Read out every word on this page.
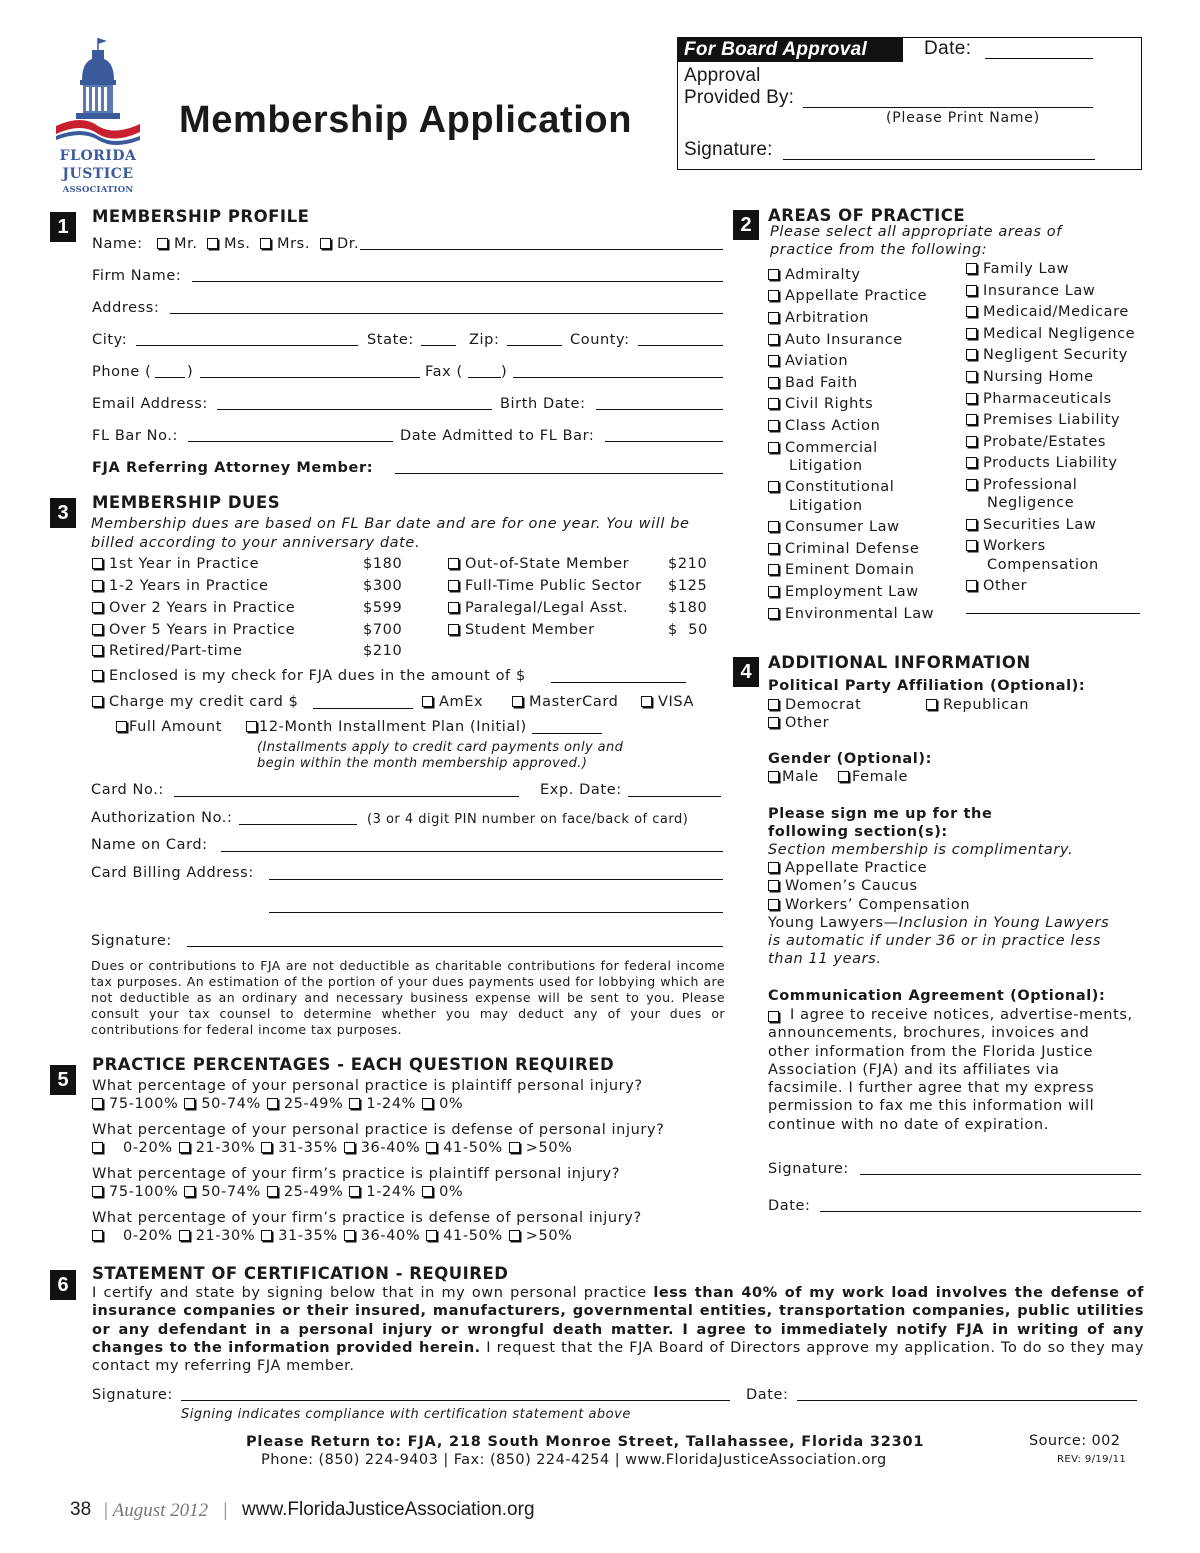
FLORIDA
JUSTICE
ASSOCIATION
Membership Application
For Board Approval	Date:
Approval
Provided By:
(Please Print Name)
Signature:
1	MEMBERSHIP PROFILE
Name:	Mr.	Ms.	Mrs.	Dr.
Firm Name:
Address:
City:	State:	Zip:	County:
Phone ( )	Fax (	)
Email Address:	Birth Date:
FL Bar No.:	Date Admitted to FL Bar:
FJA Referring Attorney Member:
3	MEMBERSHIP DUES
Membership dues are based on FL Bar date and are for one year. You will be billed according to your anniversary date.
1st Year in Practice	$180
1-2 Years in Practice	$300
Over 2 Years in Practice	$599
Over 5 Years in Practice	$700
Retired/Part-time	$210
Out-of-State Member	$210
Full-Time Public Sector $125
Paralegal/Legal Asst.	$180
Student Member	$  50
Enclosed is my check for FJA dues in the amount of $
Charge my credit card $	AmEx	MasterCard	VISA
Full Amount	12-Month Installment Plan (Initial)
(Installments apply to credit card payments only and
begin within the month membership approved.)
Card No.:	Exp. Date:
Authorization No.:	(3 or 4 digit PIN number on face/back of card)
Name on Card:
Card Billing Address:
Signature:
Dues or contributions to FJA are not deductible as charitable contributions for federal income tax purposes. An estimation of the portion of your dues payments used for lobbying which are not deductible as an ordinary and necessary business expense will be sent to you. Please consult your tax counsel to determine whether you may deduct any of your dues or contributions for federal income tax purposes.
5
PRACTICE PERCENTAGES - EACH QUESTION REQUIRED
What percentage of your personal practice is plaintiff personal injury?
75-100% 50-74% 25-49% 1-24% 0%
What percentage of your personal practice is defense of personal injury?
0-20% 21-30% 31-35% 36-40% 41-50% >50%
What percentage of your firm’s practice is plaintiff personal injury?
75-100% 50-74% 25-49% 1-24% 0%
What percentage of your firm’s practice is defense of personal injury?
0-20% 21-30% 31-35% 36-40% 41-50% >50%
2 AREAS OF PRACTICE
Please select all appropriate areas of practice from the following:
Admiralty
Appellate Practice
Arbitration
Auto Insurance
Aviation
Bad Faith
Civil Rights
Class Action
Commercial
Constitutional
Consumer Law
Criminal Defense
Eminent Domain
Employment Law
Environmental Law
Litigation
Litigation
Family Law
Insurance Law
Medicaid/Medicare
Medical Negligence
Negligent Security
Nursing Home
Pharmaceuticals
Premises Liability
Probate/Estates
Products Liability
Professional
Securities Law
Workers
Other
Negligence
Compensation
4 ADDITIONAL INFORMATION
Political Party Affiliation (Optional):
Democrat	Republican
Other
Gender (Optional):
Male	Female
Please sign me up for the
following section(s):
Section membership is complimentary.
Appellate Practice
Women’s Caucus
Workers’ Compensation
Young Lawyers—Inclusion in Young Lawyers
is automatic if under 36 or in practice less
than 11 years.
Communication Agreement (Optional):
I agree to receive notices, advertise-ments, announcements, brochures, invoices and other information from the Florida Justice Association (FJA) and its affiliates via facsimile. I further agree that my express permission to fax me this information will continue with no date of expiration.
Signature:
Date:
6
STATEMENT OF CERTIFICATION - REQUIRED
I certify and state by signing below that in my own personal practice less than 40% of my work load involves the defense of insurance companies or their insured, manufacturers, governmental entities, transportation companies, public utilities or any defendant in a personal injury or wrongful death matter. I agree to immediately notify FJA in writing of any changes to the information provided herein. I request that the FJA Board of Directors approve my application. To do so they may contact my referring FJA member.
Signature:	Date:
Signing indicates compliance with certification statement above
Please Return to: FJA, 218 South Monroe Street, Tallahassee, Florida 32301
Phone: (850) 224-9403 | Fax: (850) 224-4254 | www.FloridaJusticeAssociation.org
Source: 002
REV: 9/19/11
38 | August 2012   | www.FloridaJusticeAssociation.org
